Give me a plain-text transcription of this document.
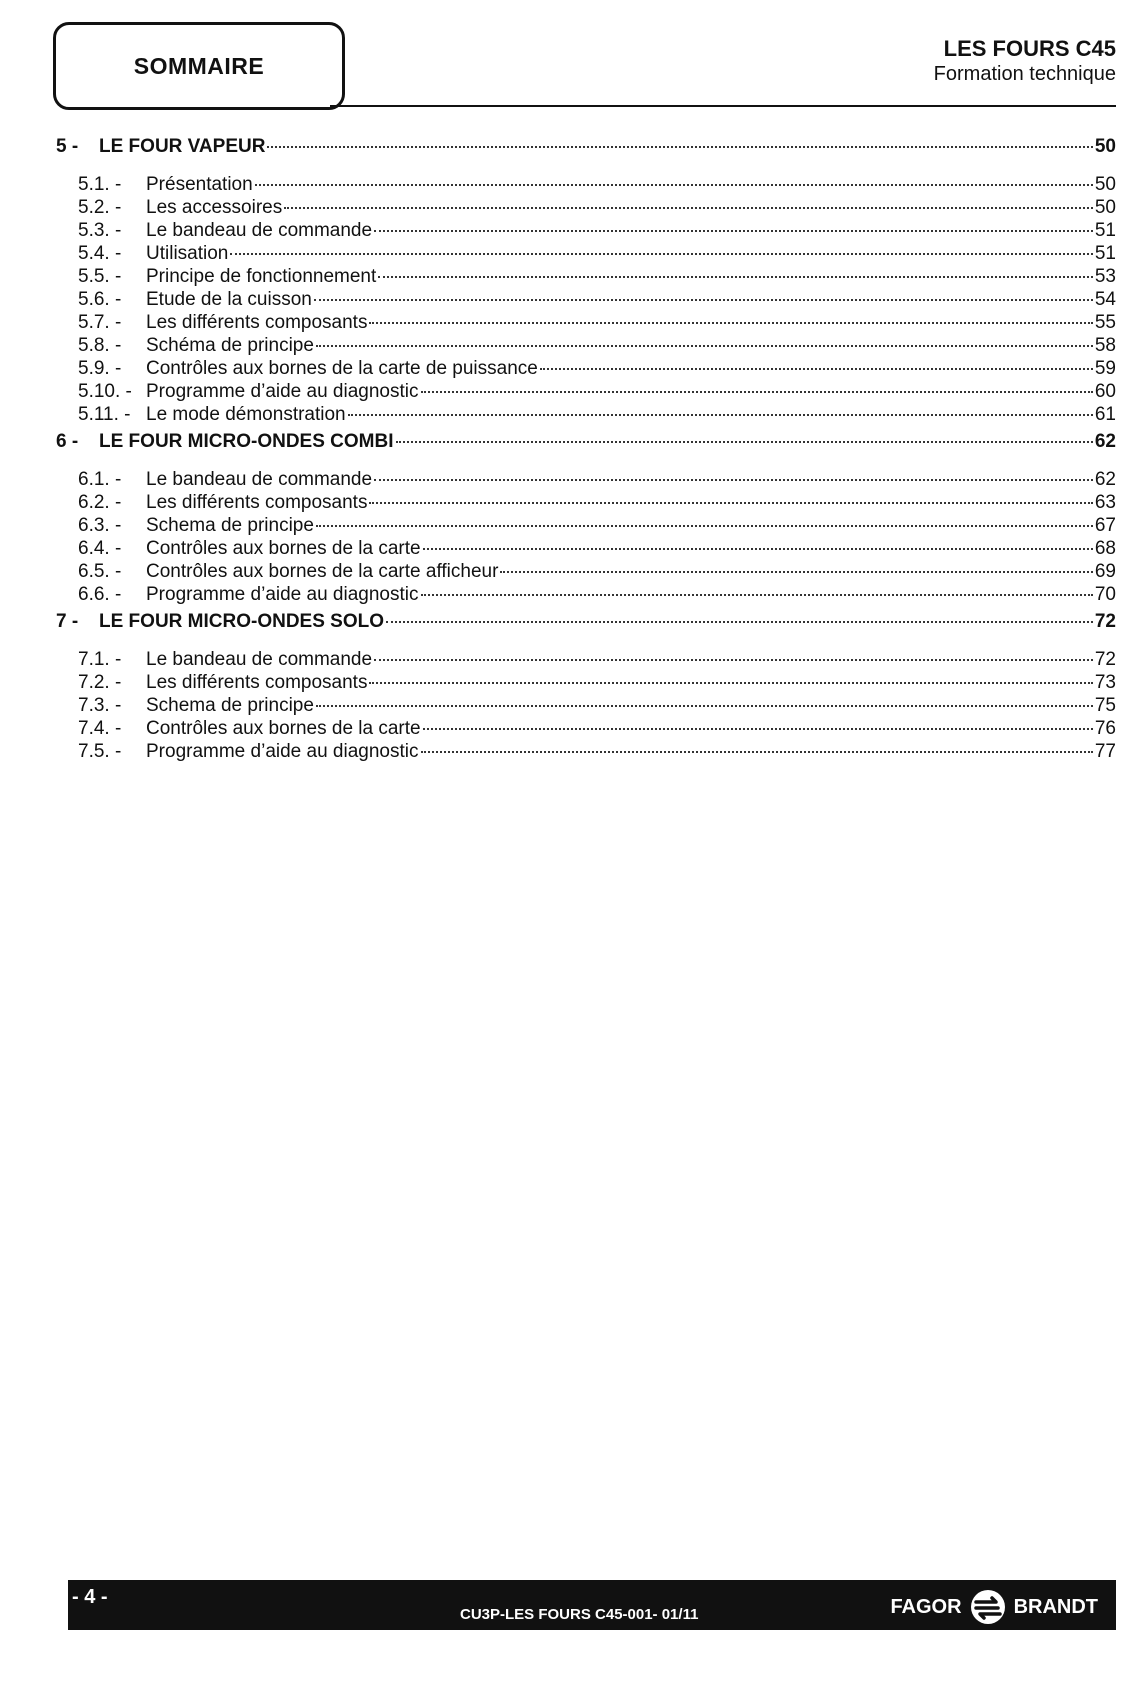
SOMMAIRE
LES FOURS C45
Formation technique
5 -	LE FOUR VAPEUR	50
5.1. -	Présentation	50
5.2. -	Les accessoires	50
5.3. -	Le bandeau de commande	51
5.4. -	Utilisation	51
5.5. -	Principe de fonctionnement	53
5.6. -	Etude de la cuisson	54
5.7. -	Les différents composants	55
5.8. -	Schéma de principe	58
5.9. -	Contrôles aux bornes de la carte de puissance	59
5.10. - Programme d’aide au diagnostic	60
5.11. - Le mode démonstration	61
6 -	LE FOUR MICRO-ONDES COMBI	62
6.1. -	Le bandeau de commande	62
6.2. -	Les différents composants	63
6.3. -	Schema de principe	67
6.4. -	Contrôles aux bornes de la carte	68
6.5. -	Contrôles aux bornes de la carte afficheur	69
6.6. -	Programme d’aide au diagnostic	70
7 -	LE FOUR MICRO-ONDES SOLO	72
7.1. -	Le bandeau de commande	72
7.2. -	Les différents composants	73
7.3. -	Schema de principe	75
7.4. -	Contrôles aux bornes de la carte	76
7.5. -	Programme d’aide au diagnostic	77
- 4 -
CU3P-LES FOURS C45-001- 01/11	FAGOR	BRANDT
